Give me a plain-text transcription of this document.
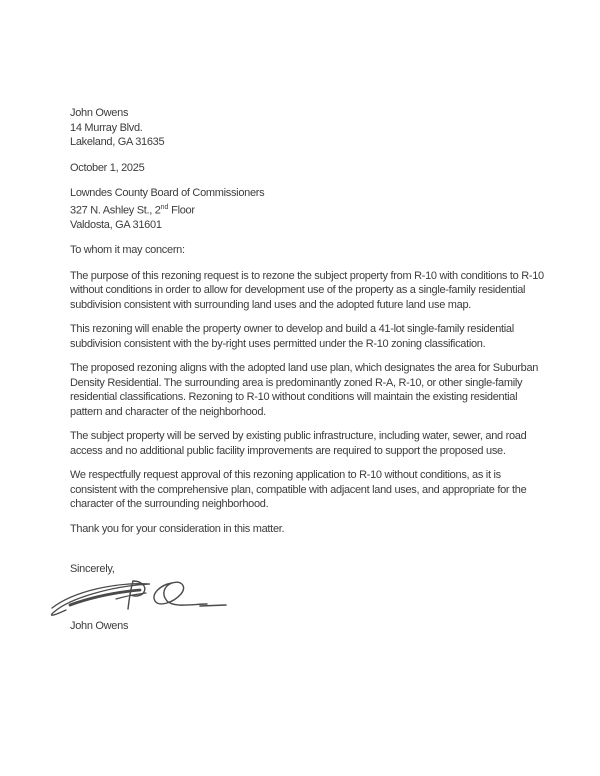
John Owens
14 Murray Blvd.
Lakeland, GA 31635
October 1, 2025
Lowndes County Board of Commissioners
327 N. Ashley St., 2nd Floor
Valdosta, GA 31601
To whom it may concern:

The purpose of this rezoning request is to rezone the subject property from R-10 with conditions to R-10 without conditions in order to allow for development use of the property as a single-family residential subdivision consistent with surrounding land uses and the adopted future land use map.

This rezoning will enable the property owner to develop and build a 41-lot single-family residential subdivision consistent with the by-right uses permitted under the R-10 zoning classification.

The proposed rezoning aligns with the adopted land use plan, which designates the area for Suburban Density Residential. The surrounding area is predominantly zoned R-A, R-10, or other single-family residential classifications. Rezoning to R-10 without conditions will maintain the existing residential pattern and character of the neighborhood.

The subject property will be served by existing public infrastructure, including water, sewer, and road access and no additional public facility improvements are required to support the proposed use.

We respectfully request approval of this rezoning application to R-10 without conditions, as it is consistent with the comprehensive plan, compatible with adjacent land uses, and appropriate for the character of the surrounding neighborhood.

Thank you for your consideration in this matter.

Sincerely,
John Owens
